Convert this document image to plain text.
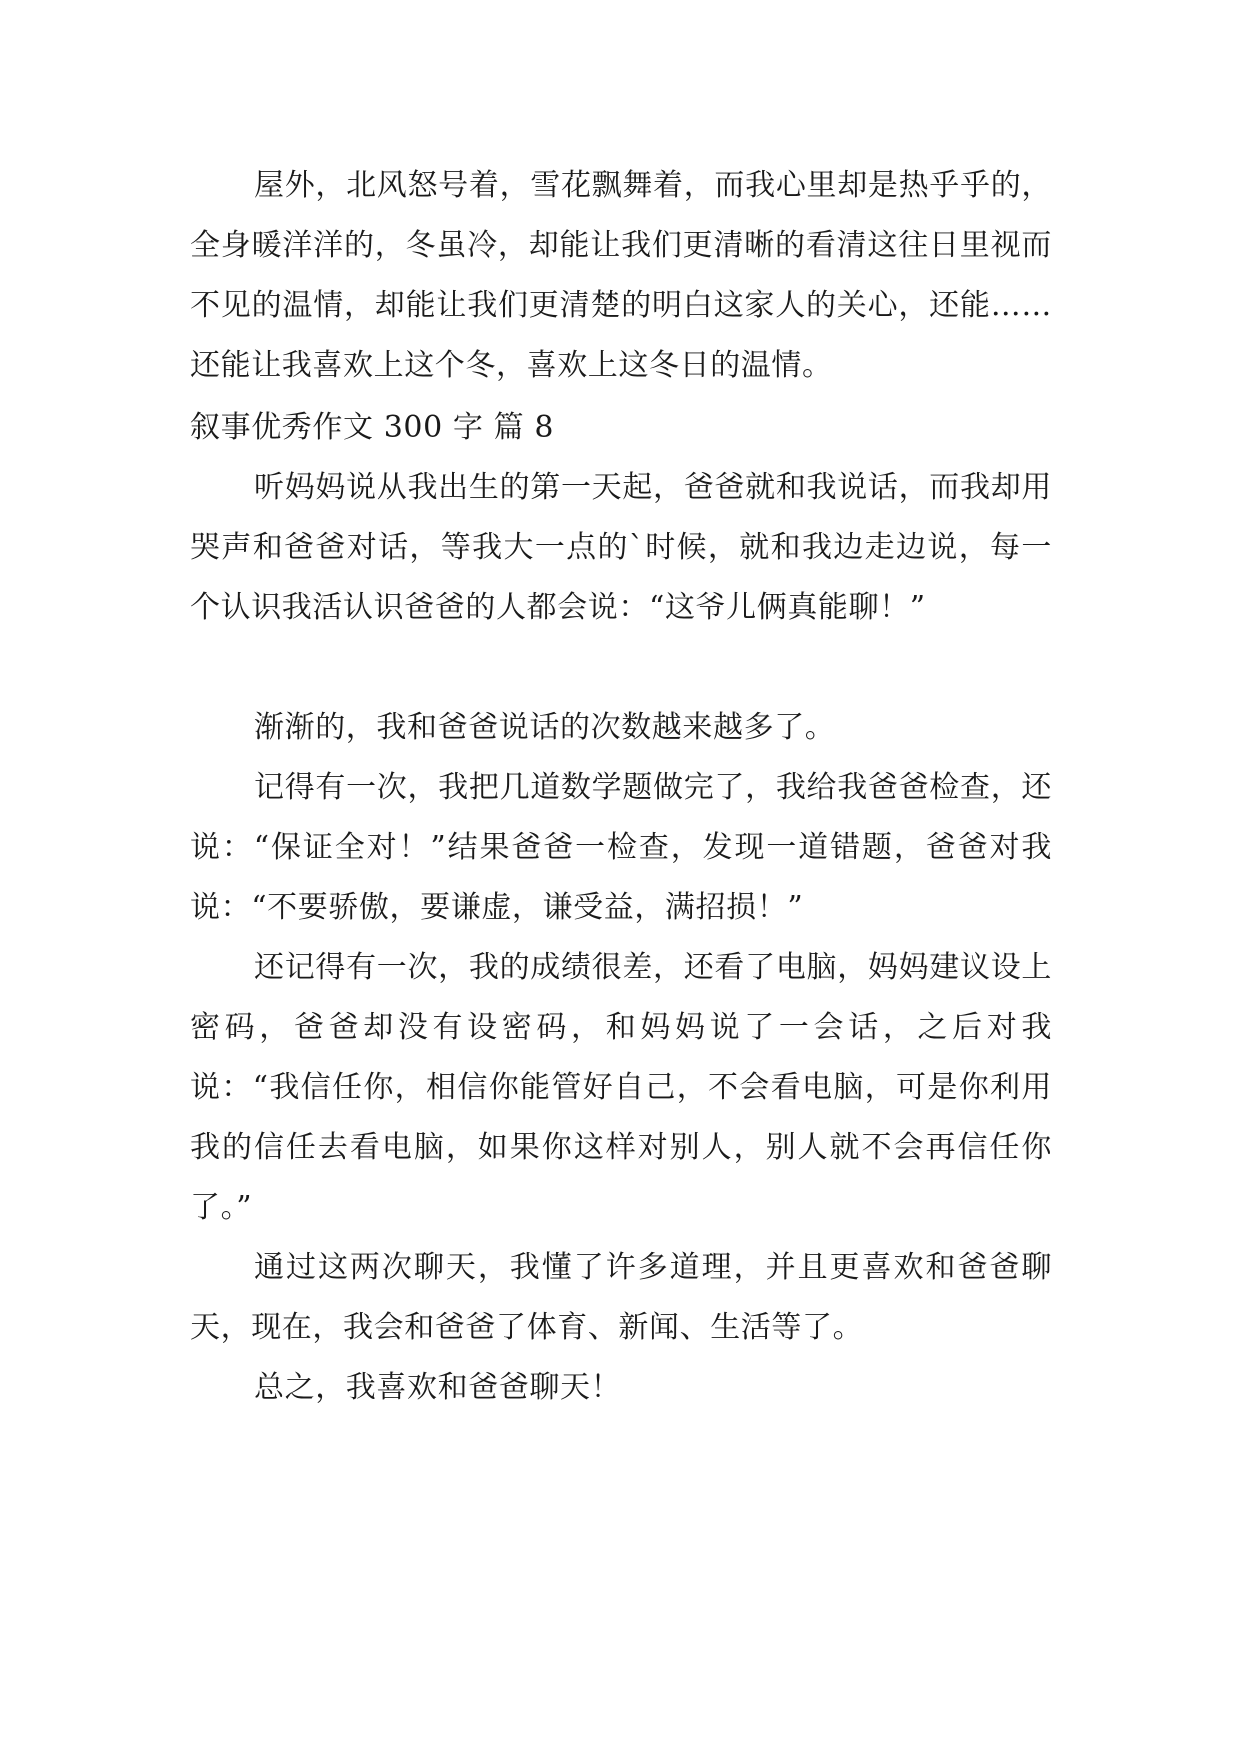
屋外，北风怒号着，雪花飘舞着，而我心里却是热乎乎的，全身暖洋洋的，冬虽冷，却能让我们更清晰的看清这往日里视而不见的温情，却能让我们更清楚的明白这家人的关心，还能……还能让我喜欢上这个冬，喜欢上这冬日的温情。

叙事优秀作文 300 字 篇 8

听妈妈说从我出生的第一天起，爸爸就和我说话，而我却用哭声和爸爸对话，等我大一点的`时候，就和我边走边说，每一个认识我活认识爸爸的人都会说：“这爷儿俩真能聊！”

渐渐的，我和爸爸说话的次数越来越多了。

记得有一次，我把几道数学题做完了，我给我爸爸检查，还说：“保证全对！”结果爸爸一检查，发现一道错题，爸爸对我说：“不要骄傲，要谦虚，谦受益，满招损！”

还记得有一次，我的成绩很差，还看了电脑，妈妈建议设上密码，爸爸却没有设密码，和妈妈说了一会话，之后对我说：“我信任你，相信你能管好自己，不会看电脑，可是你利用我的信任去看电脑，如果你这样对别人，别人就不会再信任你了。”

通过这两次聊天，我懂了许多道理，并且更喜欢和爸爸聊天，现在，我会和爸爸了体育、新闻、生活等了。

总之，我喜欢和爸爸聊天！
